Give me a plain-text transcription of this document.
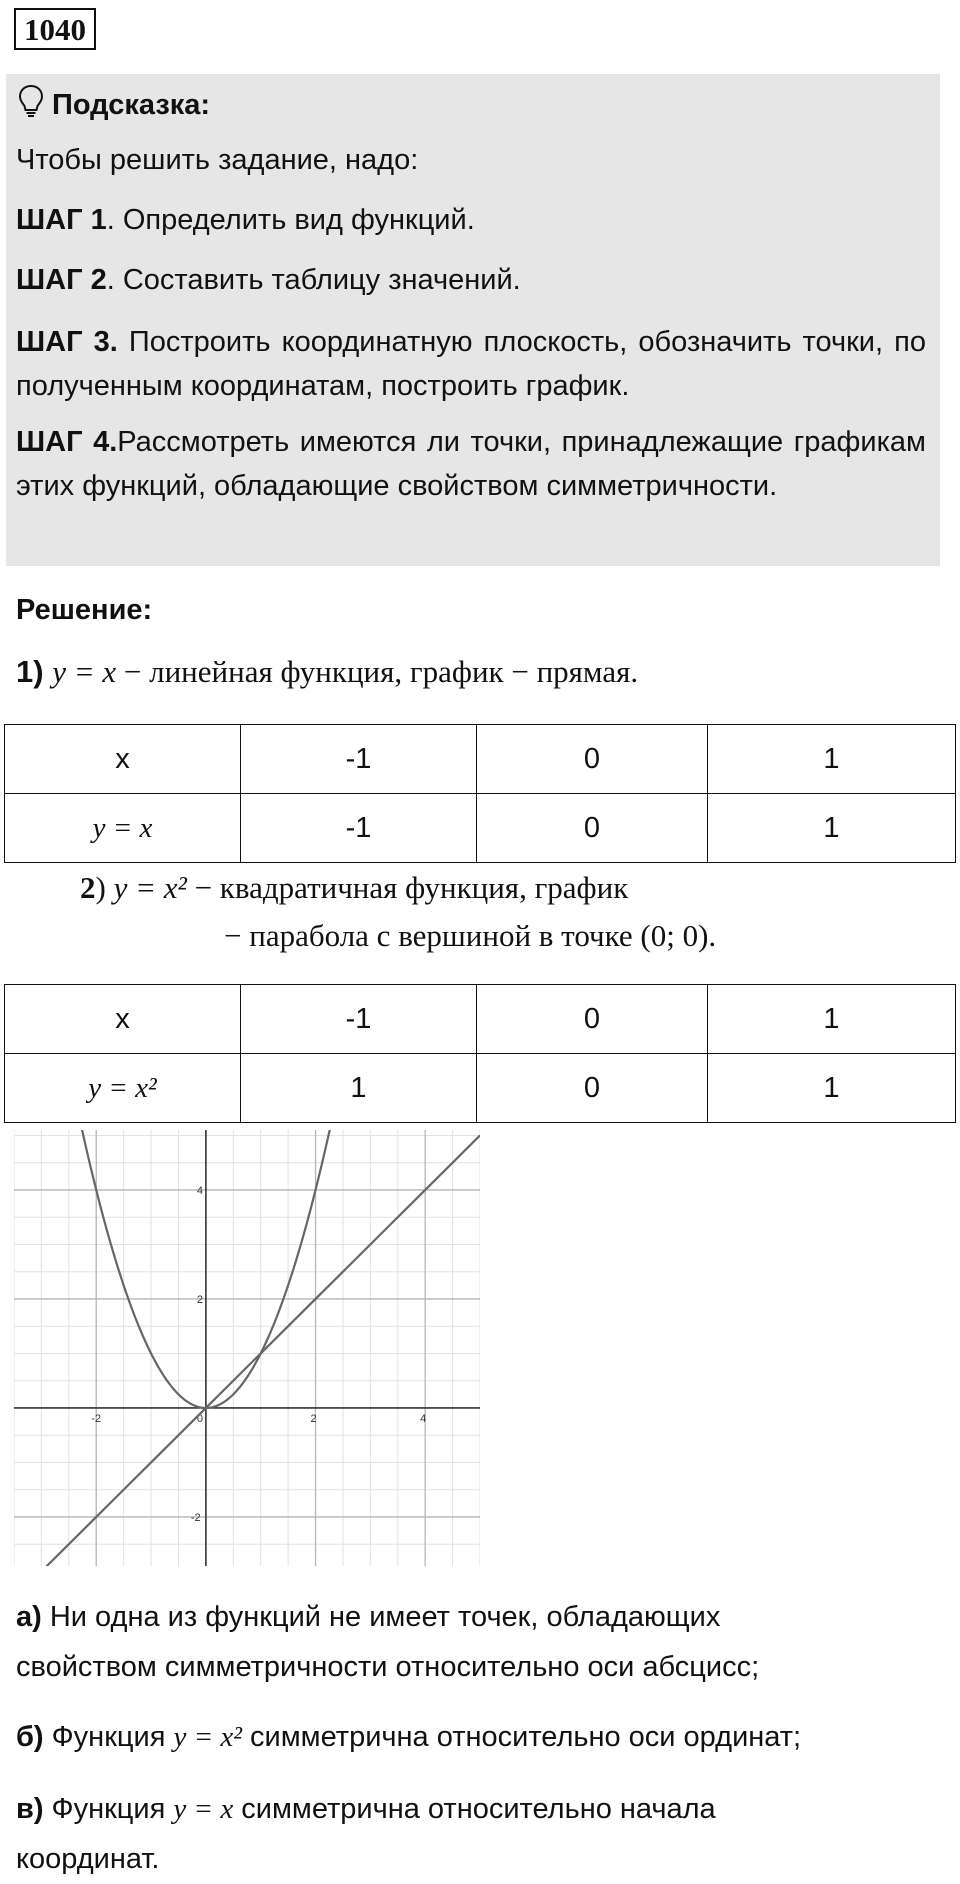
1040
Подсказка:

Чтобы решить задание, надо:

ШАГ 1. Определить вид функций.

ШАГ 2. Составить таблицу значений.

ШАГ 3. Построить координатную плоскость, обозначить точки, по полученным координатам, построить график.

ШАГ 4.Рассмотреть имеются ли точки, принадлежащие графикам этих функций, обладающие свойством симметричности.

Решение:
1) y = x − линейная функция, график − прямая.
x	-1	0	1
y = x	-1	0	1
2) y = x² − квадратичная функция, график
− парабола с вершиной в точке (0; 0).
x	-1	0	1
y = x²	1	0	1
-2	0	2	4
-2
2
4
а) Ни одна из функций не имеет точек, обладающих
свойством симметричности относительно оси абсцисс;
б) Функция y = x² симметрична относительно оси ординат;
в) Функция y = x симметрична относительно начала
координат.
